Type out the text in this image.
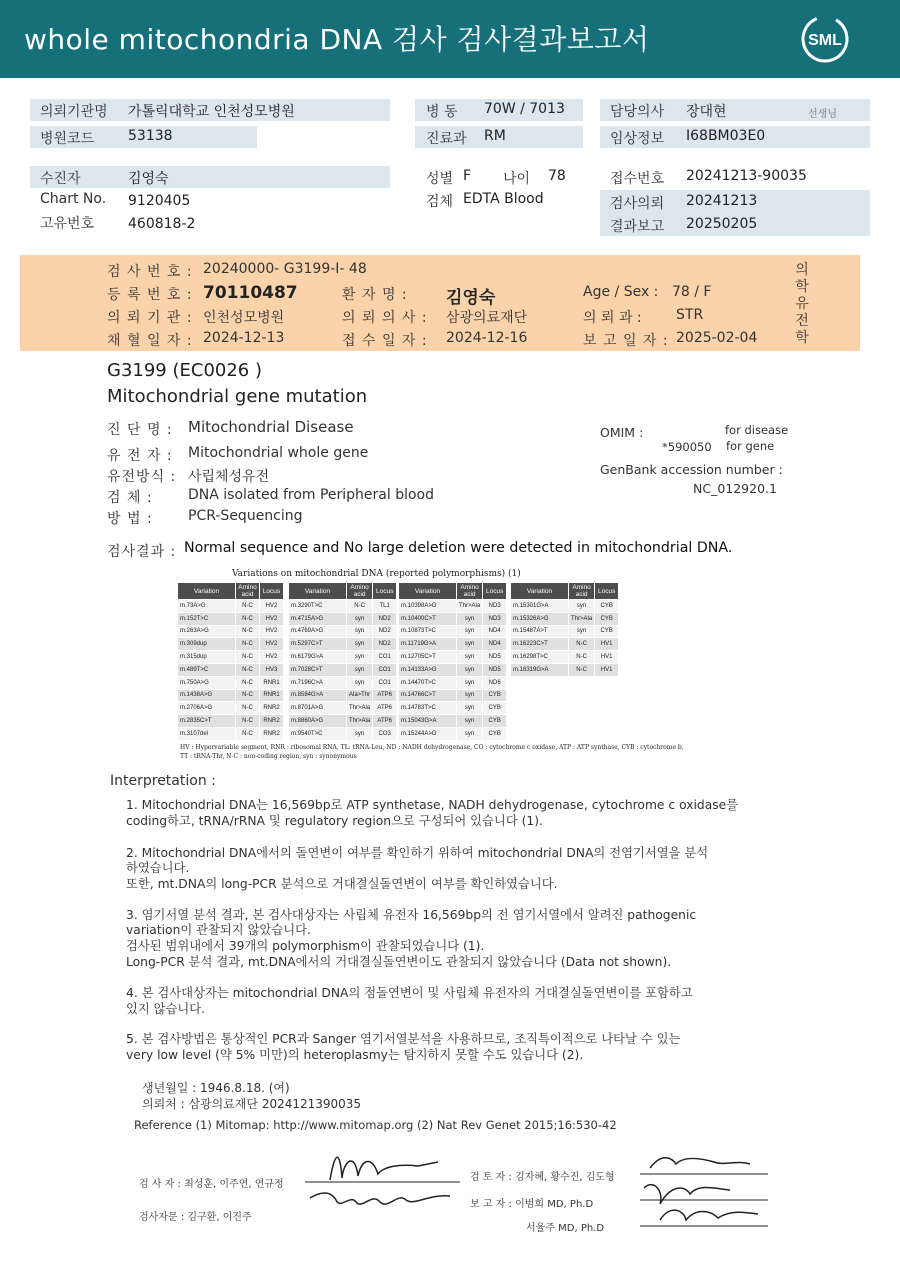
whole mitochondria DNA 검사 검사결과보고서	SML
의뢰기관명 가톨릭대학교 인천성모병원
병원코드 53138
병 동 70W / 7013
진료과 RM
담당의사 장대현	선생님
임상정보 I68BM03E0
수진자	김영숙
Chart No. 9120405
고유번호 460818-2
성별 F 나이 78
검체 EDTA Blood
접수번호 20241213-90035
검사의뢰 20241213
결과보고 20250205
검 사 번 호 : 20240000- G3199-I- 48
등 록 번 호 : 70110487	환 자 명 : 김영숙	Age / Sex : 78 / F
의 뢰 기 관 : 인천성모병원	의 뢰 의 사 : 삼광의료재단	의 뢰 과 : STR
채 혈 일 자 : 2024-12-13	접 수 일 자 : 2024-12-16	보 고 일 자 : 2025-02-04
의
학
유
전
학
G3199 (EC0026 )
Mitochondrial gene mutation
진 단 명 : Mitochondrial Disease
유 전 자 : Mitochondrial whole gene
유전방식 : 사립체성유전
검 체 :	DNA isolated from Peripheral blood
방 법 :	PCR-Sequencing
OMIM :	for disease
*590050 for gene
GenBank accession number :
NC_012920.1
검사결과 : Normal sequence and No large deletion were detected in mitochondrial DNA.
Variations on mitochondrial DNA (reported polymorphisms) (1)
Variation	Amino acid	Locus
m.73A>G	N-C	HV2
m.152T>C	N-C	HV2
m.263A>G	N-C	HV2
m.309dup	N-C	HV2
m.315dup	N-C	HV2
m.489T>C	N-C	HV3
m.750A>G	N-C	RNR1
m.1438A>G	N-C	RNR1
m.2706A>G	N-C	RNR2
m.2835C>T	N-C	RNR2
m.3107del	N-C	RNR2
Variation	Amino acid	Locus
m.3290T>C	N-C	TL1
m.4715A>G	syn	ND2
m.4769A>G	syn	ND2
m.5297C>T	syn	ND2
m.6179G>A	syn	CO1
m.7028C>T	syn	CO1
m.7196C>A	syn	CO1
m.8584G>A	Ala>Thr	ATP6
m.8701A>G	Thr>Ala	ATP6
m.8860A>G	Thr>Ala	ATP6
m.9540T>C	syn	CO3
Variation	Amino acid	Locus
m.10398A>G	Thr>Ala	ND3
m.10400C>T	syn	ND3
m.10873T>C	syn	ND4
m.11719G>A	syn	ND4
m.12705C>T	syn	ND5
m.14133A>G	syn	ND5
m.14470T>C	syn	ND6
m.14766C>T	syn	CYB
m.14783T>C	syn	CYB
m.15043G>A	syn	CYB
m.15244A>G	syn	CYB
Variation	Amino acid	Locus
m.15301G>A	syn	CYB
m.15326A>G	Thr>Ala	CYB
m.15487A>T	syn	CYB
m.16223C>T	N-C	HV1
m.16298T>C	N-C	HV1
m.16319G>A	N-C	HV1
HV : Hypervariable segment, RNR : ribosomal RNA, TL: tRNA-Leu, ND : NADH dehydrogenase, CO : cytochrome c oxidase, ATP : ATP synthase, CYB : cytochrome b,
TT : tRNA-Thr, N-C : non-coding region, syn : synonymous
Interpretation :
1. Mitochondrial DNA는 16,569bp로 ATP synthetase, NADH dehydrogenase, cytochrome c oxidase를
coding하고, tRNA/rRNA 및 regulatory region으로 구성되어 있습니다 (1).
2. Mitochondrial DNA에서의 돌연변이 여부를 확인하기 위하여 mitochondrial DNA의 전염기서열을 분석
하였습니다.
또한, mt.DNA의 long-PCR 분석으로 거대결실돌연변이 여부를 확인하였습니다.
3. 염기서열 분석 결과, 본 검사대상자는 사립체 유전자 16,569bp의 전 염기서열에서 알려진 pathogenic
variation이 관찰되지 않았습니다.
검사된 범위내에서 39개의 polymorphism이 관찰되었습니다 (1).
Long-PCR 분석 결과, mt.DNA에서의 거대결실돌연변이도 관찰되지 않았습니다 (Data not shown).
4. 본 검사대상자는 mitochondrial DNA의 점돌연변이 및 사립체 유전자의 거대결실돌연변이를 포함하고
있지 않습니다.
5. 본 검사방법은 통상적인 PCR과 Sanger 염기서열분석을 사용하므로, 조직특이적으로 나타날 수 있는
very low level (약 5% 미만)의 heteroplasmy는 탐지하지 못할 수도 있습니다 (2).
생년월일 : 1946.8.18. (여)
의뢰처 : 삼광의료재단 2024121390035
Reference (1) Mitomap: http://www.mitomap.org (2) Nat Rev Genet 2015;16:530-42
검 사 자 : 최성훈, 이주연, 연규정
검사자문 : 김구환, 이진주
검 토 자 : 김자혜, 황수진, 김도형
보 고 자 : 이범희 MD, Ph.D
서율주 MD, Ph.D
